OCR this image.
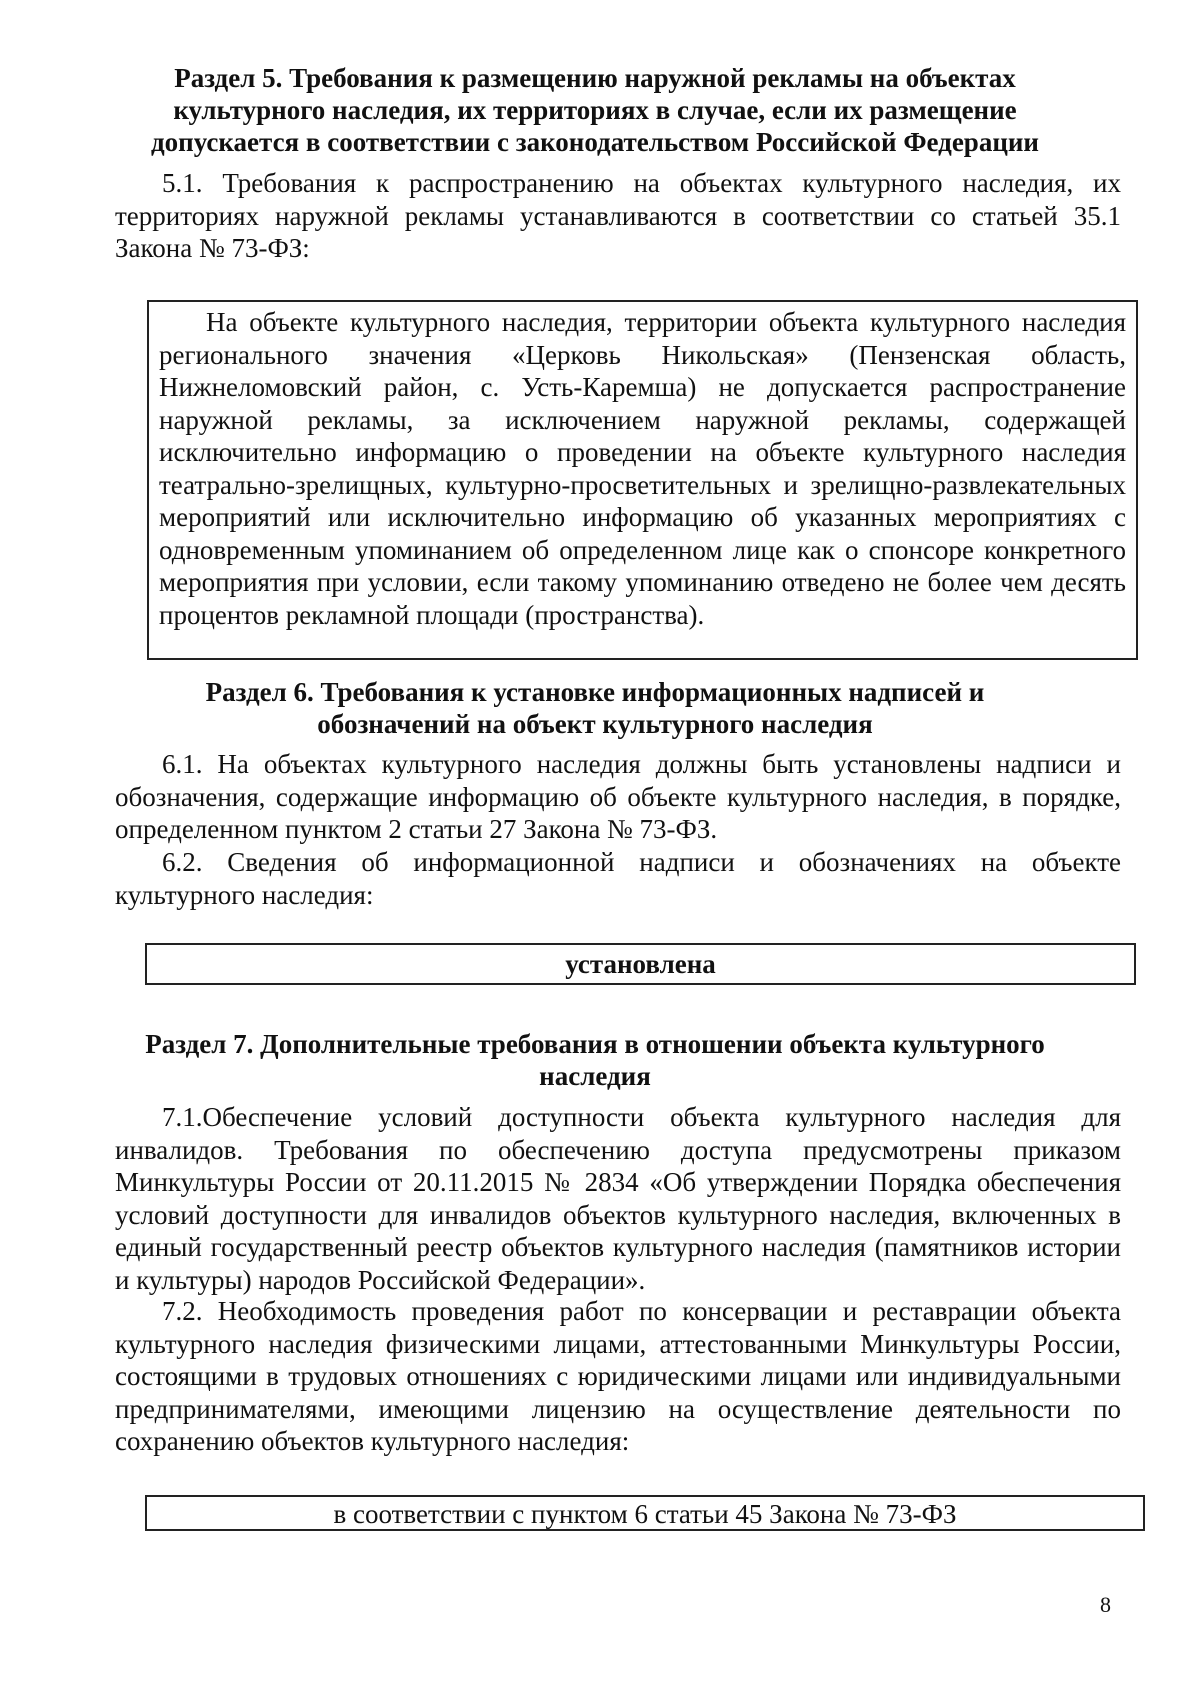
Раздел 5. Требования к размещению наружной рекламы на объектах культурного наследия, их территориях в случае, если их размещение допускается в соответствии с законодательством Российской Федерации

5.1. Требования к распространению на объектах культурного наследия, их территориях наружной рекламы устанавливаются в соответствии со статьей 35.1 Закона № 73-ФЗ:

На объекте культурного наследия, территории объекта культурного наследия регионального значения «Церковь Никольская» (Пензенская область, Нижнеломовский район, с. Усть-Каремша) не допускается распространение наружной рекламы, за исключением наружной рекламы, содержащей исключительно информацию о проведении на объекте культурного наследия театрально-зрелищных, культурно-просветительных и зрелищно-развлекательных мероприятий или исключительно информацию об указанных мероприятиях с одновременным упоминанием об определенном лице как о спонсоре конкретного мероприятия при условии, если такому упоминанию отведено не более чем десять процентов рекламной площади (пространства).

Раздел 6. Требования к установке информационных надписей и обозначений на объект культурного наследия

6.1. На объектах культурного наследия должны быть установлены надписи и обозначения, содержащие информацию об объекте культурного наследия, в порядке, определенном пунктом 2 статьи 27 Закона № 73-ФЗ.

6.2. Сведения об информационной надписи и обозначениях на объекте культурного наследия:

установлена

Раздел 7. Дополнительные требования в отношении объекта культурного наследия

7.1.Обеспечение условий доступности объекта культурного наследия для инвалидов. Требования по обеспечению доступа предусмотрены приказом Минкультуры России от 20.11.2015 № 2834 «Об утверждении Порядка обеспечения условий доступности для инвалидов объектов культурного наследия, включенных в единый государственный реестр объектов культурного наследия (памятников истории и культуры) народов Российской Федерации».

7.2. Необходимость проведения работ по консервации и реставрации объекта культурного наследия физическими лицами, аттестованными Минкультуры России, состоящими в трудовых отношениях с юридическими лицами или индивидуальными предпринимателями, имеющими лицензию на осуществление деятельности по сохранению объектов культурного наследия:

в соответствии с пунктом 6 статьи 45 Закона № 73-ФЗ

8
